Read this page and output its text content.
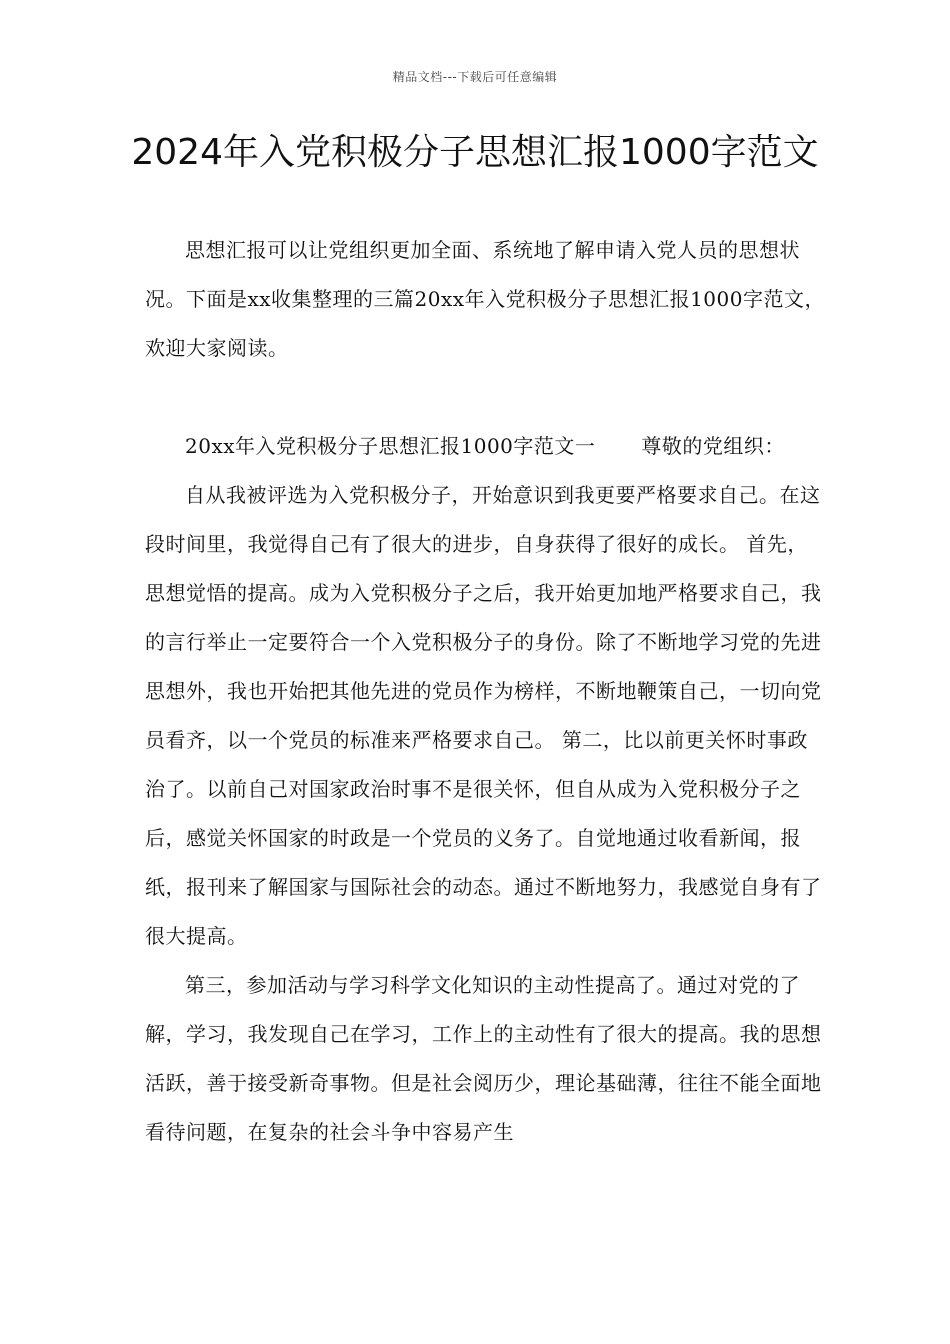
精品文档---下载后可任意编辑
2024年入党积极分子思想汇报1000字范文

思想汇报可以让党组织更加全面、系统地了解申请入党人员的思想状况。下面是xx收集整理的三篇20xx年入党积极分子思想汇报1000字范文，欢迎大家阅读。

20xx年入党积极分子思想汇报1000字范文一 尊敬的党组织：

自从我被评选为入党积极分子，开始意识到我更要严格要求自己。在这段时间里，我觉得自己有了很大的进步，自身获得了很好的成长。 首先，思想觉悟的提高。成为入党积极分子之后，我开始更加地严格要求自己，我的言行举止一定要符合一个入党积极分子的身份。除了不断地学习党的先进思想外，我也开始把其他先进的党员作为榜样，不断地鞭策自己，一切向党员看齐，以一个党员的标准来严格要求自己。 第二，比以前更关怀时事政治了。以前自己对国家政治时事不是很关怀，但自从成为入党积极分子之后，感觉关怀国家的时政是一个党员的义务了。自觉地通过收看新闻，报纸，报刊来了解国家与国际社会的动态。通过不断地努力，我感觉自身有了很大提高。

第三，参加活动与学习科学文化知识的主动性提高了。通过对党的了解，学习，我发现自己在学习，工作上的主动性有了很大的提高。我的思想活跃，善于接受新奇事物。但是社会阅历少，理论基础薄，往往不能全面地看待问题，在复杂的社会斗争中容易产生
